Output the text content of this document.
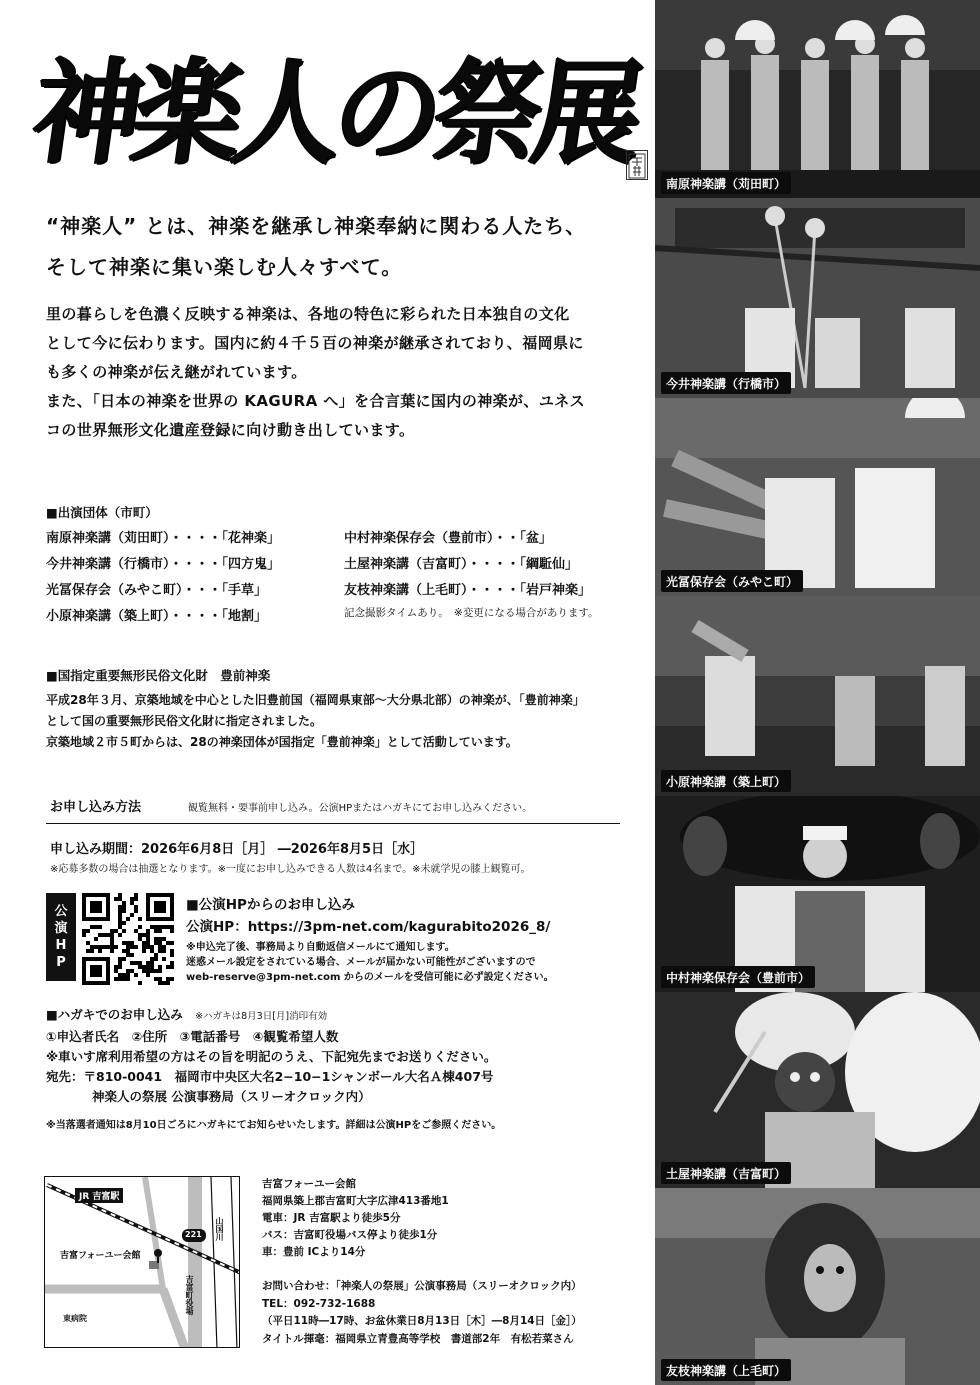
神楽人の祭展
“神楽人” とは、神楽を継承し神楽奉納に関わる人たち、
そして神楽に集い楽しむ人々すべて。
里の暮らしを色濃く反映する神楽は、各地の特色に彩られた日本独自の文化
として今に伝わります。国内に約４千５百の神楽が継承されており、福岡県に
も多くの神楽が伝え継がれています。
また、「日本の神楽を世界の KAGURA へ」を合言葉に国内の神楽が、ユネス
コの世界無形文化遺産登録に向け動き出しています。
■出演団体（市町）
南原神楽講（苅田町）・・・・「花神楽」	中村神楽保存会（豊前市）・・「盆」
今井神楽講（行橋市）・・・・「四方鬼」	土屋神楽講（吉富町）・・・・「綱駈仙」
光冨保存会（みやこ町）・・・「手草」	友枝神楽講（上毛町）・・・・「岩戸神楽」
小原神楽講（築上町）・・・・「地割」	記念撮影タイムあり。　※変更になる場合があります。
■国指定重要無形民俗文化財　豊前神楽
平成28年３月、京築地域を中心とした旧豊前国（福岡県東部〜大分県北部）の神楽が、「豊前神楽」
として国の重要無形民俗文化財に指定されました。
京築地域２市５町からは、28の神楽団体が国指定「豊前神楽」として活動しています。
お申し込み方法	観覧無料・要事前申し込み。公演HPまたはハガキにてお申し込みください。
申し込み期間：2026年6月8日［月］ ―2026年8月5日［水］
※応募多数の場合は抽選となります。※一度にお申し込みできる人数は4名まで。※未就学児の膝上観覧可。
公
演
H
P
■公演HPからのお申し込み
公演HP：https://3pm-net.com/kagurabito2026_8/
※申込完了後、事務局より自動返信メールにて通知します。
迷惑メール設定をされている場合、メールが届かない可能性がございますので
web-reserve@3pm-net.com からのメールを受信可能に必ず設定ください。
■ハガキでのお申し込み ※ハガキは8月3日[月]消印有効
①申込者氏名　②住所　③電話番号　④観覧希望人数
※車いす席利用希望の方はその旨を明記のうえ、下記宛先までお送りください。
宛先：〒810-0041　福岡市中央区大名2−10−1シャンボール大名Ａ棟407号
神楽人の祭展 公演事務局（スリーオクロック内）
※当落選者通知は8月10日ごろにハガキにてお知らせいたします。詳細は公演HPをご参照ください。
JR 吉富駅
吉富フォーユー会館
山国川
221
吉富町役場
東病院
吉富フォーユー会館
福岡県築上郡吉富町大字広津413番地1
電車：JR 吉富駅より徒歩5分
バス：吉富町役場バス停より徒歩1分
車：豊前 ICより14分
お問い合わせ：「神楽人の祭展」公演事務局（スリーオクロック内）
TEL：092-732-1688
（平日11時―17時、お盆休業日8月13日［木］―8月14日［金］）
タイトル揮毫：福岡県立青豊高等学校　書道部2年　有松若菜さん
南原神楽講（苅田町）
今井神楽講（行橋市）
光冨保存会（みやこ町）
小原神楽講（築上町）
中村神楽保存会（豊前市）
土屋神楽講（吉富町）
友枝神楽講（上毛町）
